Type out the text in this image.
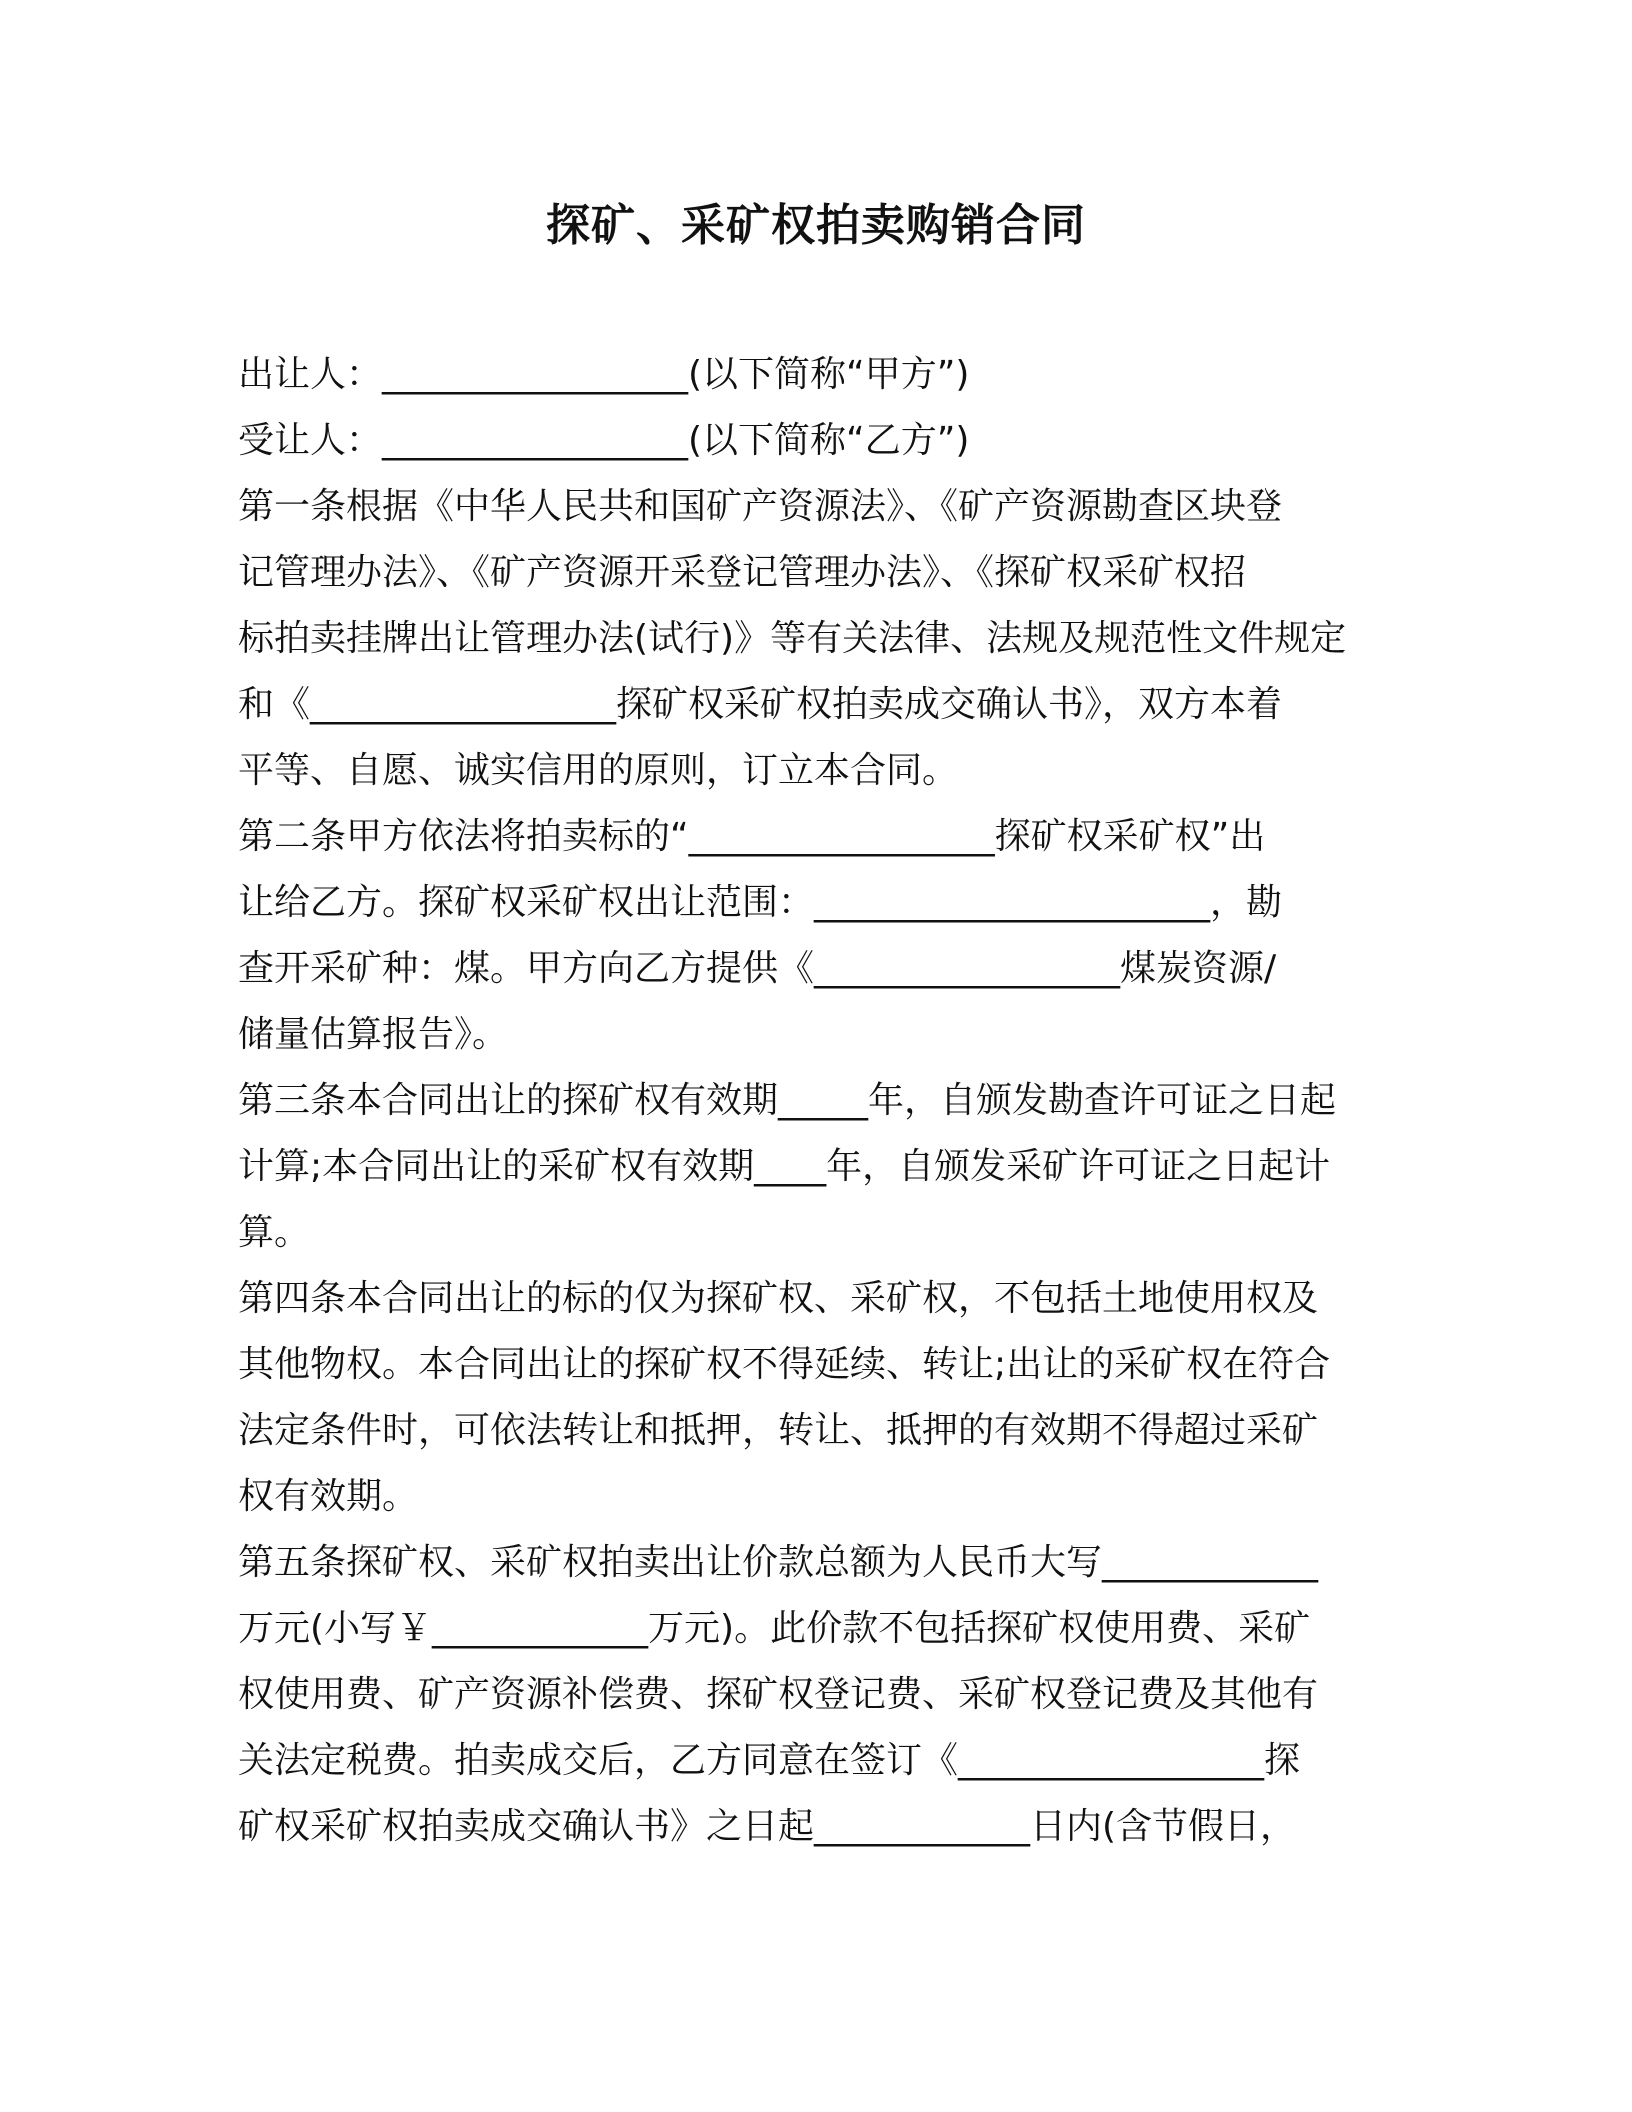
探矿、采矿权拍卖购销合同
出让人：_________________(以下简称“甲方”)
受让人：_________________(以下简称“乙方”)
第一条根据《中华人民共和国矿产资源法》、《矿产资源勘查区块登
记管理办法》、《矿产资源开采登记管理办法》、《探矿权采矿权招
标拍卖挂牌出让管理办法(试行)》等有关法律、法规及规范性文件规定
和《_________________探矿权采矿权拍卖成交确认书》，双方本着
平等、自愿、诚实信用的原则，订立本合同。
第二条甲方依法将拍卖标的“_________________探矿权采矿权”出
让给乙方。探矿权采矿权出让范围：______________________，勘
查开采矿种：煤。甲方向乙方提供《_________________煤炭资源/
储量估算报告》。
第三条本合同出让的探矿权有效期_____年，自颁发勘查许可证之日起
计算;本合同出让的采矿权有效期____年，自颁发采矿许可证之日起计
算。
第四条本合同出让的标的仅为探矿权、采矿权，不包括土地使用权及
其他物权。本合同出让的探矿权不得延续、转让;出让的采矿权在符合
法定条件时，可依法转让和抵押，转让、抵押的有效期不得超过采矿
权有效期。
第五条探矿权、采矿权拍卖出让价款总额为人民币大写____________
万元(小写￥____________万元)。此价款不包括探矿权使用费、采矿
权使用费、矿产资源补偿费、探矿权登记费、采矿权登记费及其他有
关法定税费。拍卖成交后，乙方同意在签订《_________________探
矿权采矿权拍卖成交确认书》之日起____________日内(含节假日，
